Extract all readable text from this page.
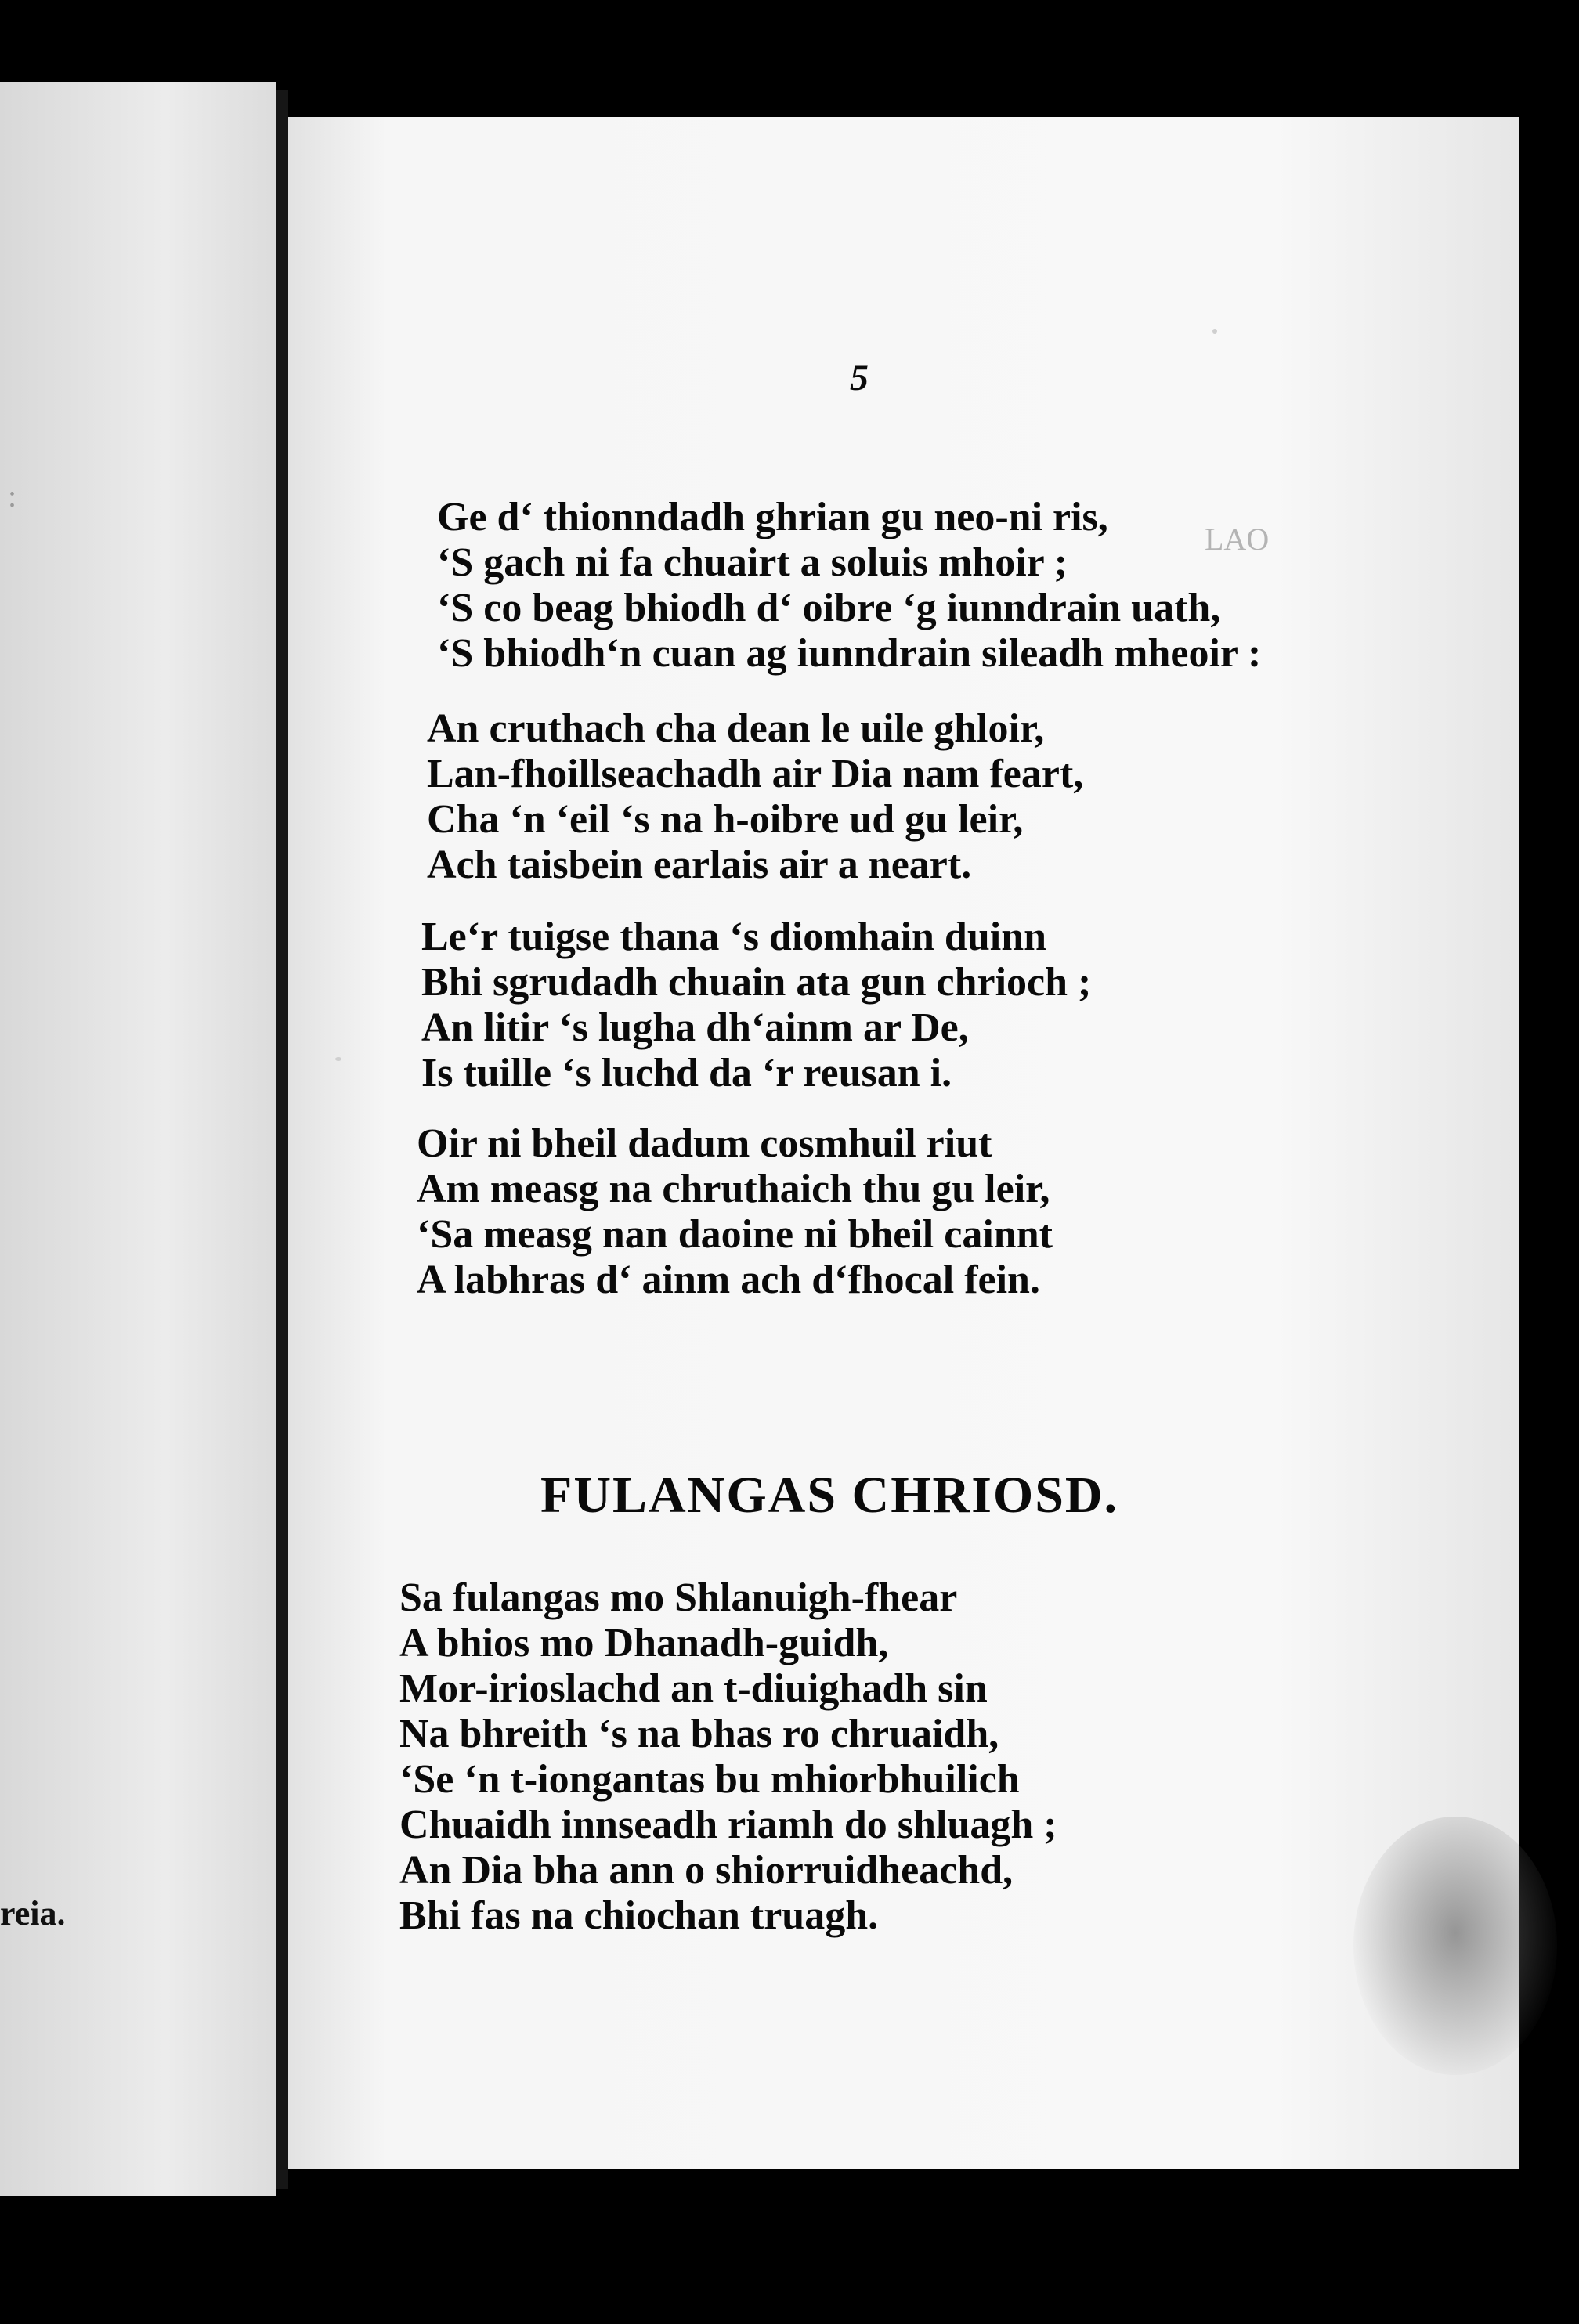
:
reia.
LAO
5
Ge d‘ thionndadh ghrian gu neo-ni ris,
‘S gach ni fa chuairt a soluis mhoir ;
‘S co beag bhiodh d‘ oibre ‘g iunndrain uath,
‘S bhiodh‘n cuan ag iunndrain sileadh mheoir :
An cruthach cha dean le uile ghloir,
Lan-fhoillseachadh air Dia nam feart,
Cha ‘n ‘eil ‘s na h-oibre ud gu leir,
Ach taisbein earlais air a neart.
Le‘r tuigse thana ‘s diomhain duinn
Bhi sgrudadh chuain ata gun chrioch ;
An litir ‘s lugha dh‘ainm ar De,
Is tuille ‘s luchd da ‘r reusan i.
Oir ni bheil dadum cosmhuil riut
Am measg na chruthaich thu gu leir,
‘Sa measg nan daoine ni bheil cainnt
A labhras d‘ ainm ach d‘fhocal fein.
FULANGAS CHRIOSD.
Sa fulangas mo Shlanuigh-fhear
A bhios mo Dhanadh-guidh,
Mor-irioslachd an t-diuighadh sin
Na bhreith ‘s na bhas ro chruaidh,
‘Se ‘n t-iongantas bu mhiorbhuilich
Chuaidh innseadh riamh do shluagh ;
An Dia bha ann o shiorruidheachd,
Bhi fas na chiochan truagh.
